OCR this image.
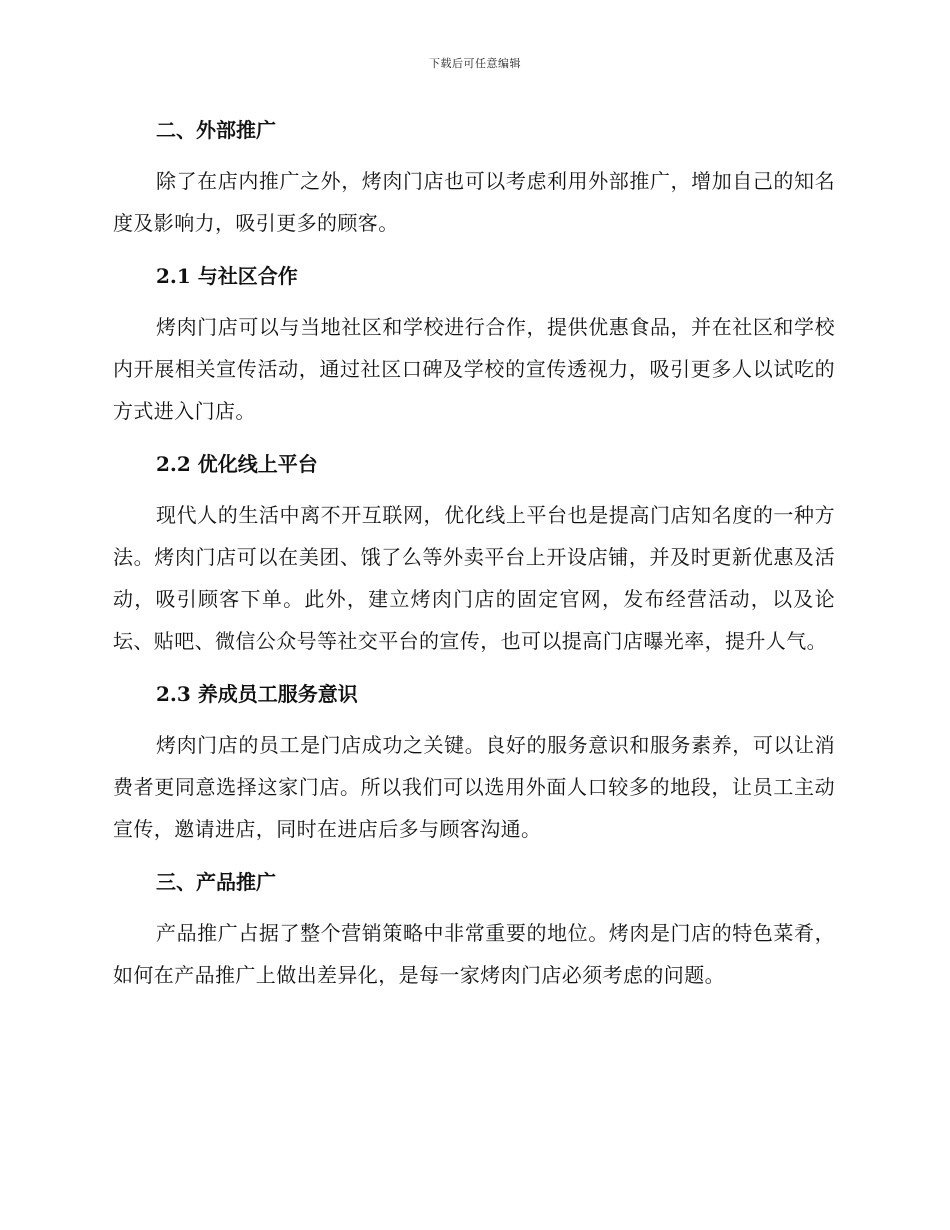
下载后可任意编辑
二、外部推广

除了在店内推广之外，烤肉门店也可以考虑利用外部推广，增加自己的知名度及影响力，吸引更多的顾客。

2.1 与社区合作

烤肉门店可以与当地社区和学校进行合作，提供优惠食品，并在社区和学校内开展相关宣传活动，通过社区口碑及学校的宣传透视力，吸引更多人以试吃的方式进入门店。

2.2 优化线上平台

现代人的生活中离不开互联网，优化线上平台也是提高门店知名度的一种方法。烤肉门店可以在美团、饿了么等外卖平台上开设店铺，并及时更新优惠及活动，吸引顾客下单。此外，建立烤肉门店的固定官网，发布经营活动，以及论坛、贴吧、微信公众号等社交平台的宣传，也可以提高门店曝光率，提升人气。

2.3 养成员工服务意识

烤肉门店的员工是门店成功之关键。良好的服务意识和服务素养，可以让消费者更同意选择这家门店。所以我们可以选用外面人口较多的地段，让员工主动宣传，邀请进店，同时在进店后多与顾客沟通。

三、产品推广

产品推广占据了整个营销策略中非常重要的地位。烤肉是门店的特色菜肴，如何在产品推广上做出差异化，是每一家烤肉门店必须考虑的问题。
